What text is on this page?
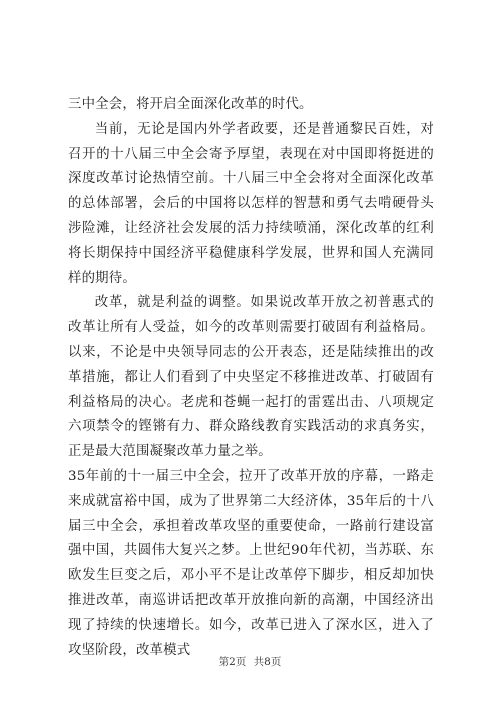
三中全会，将开启全面深化改革的时代。

当前，无论是国内外学者政要，还是普通黎民百姓，对召开的十八届三中全会寄予厚望，表现在对中国即将挺进的深度改革讨论热情空前。十八届三中全会将对全面深化改革的总体部署，会后的中国将以怎样的智慧和勇气去啃硬骨头涉险滩，让经济社会发展的活力持续喷涌，深化改革的红利将长期保持中国经济平稳健康科学发展，世界和国人充满同样的期待。

改革，就是利益的调整。如果说改革开放之初普惠式的改革让所有人受益，如今的改革则需要打破固有利益格局。以来，不论是中央领导同志的公开表态，还是陆续推出的改革措施，都让人们看到了中央坚定不移推进改革、打破固有利益格局的决心。老虎和苍蝇一起打的雷霆出击、八项规定六项禁令的铿锵有力、群众路线教育实践活动的求真务实，正是最大范围凝聚改革力量之举。

35年前的十一届三中全会，拉开了改革开放的序幕，一路走来成就富裕中国，成为了世界第二大经济体，35年后的十八届三中全会，承担着改革攻坚的重要使命，一路前行建设富强中国，共圆伟大复兴之梦。上世纪90年代初，当苏联、东欧发生巨变之后，邓小平不是让改革停下脚步，相反却加快推进改革，南巡讲话把改革开放推向新的高潮，中国经济出现了持续的快速增长。如今，改革已进入了深水区，进入了攻坚阶段，改革模式

第2页 共8页
